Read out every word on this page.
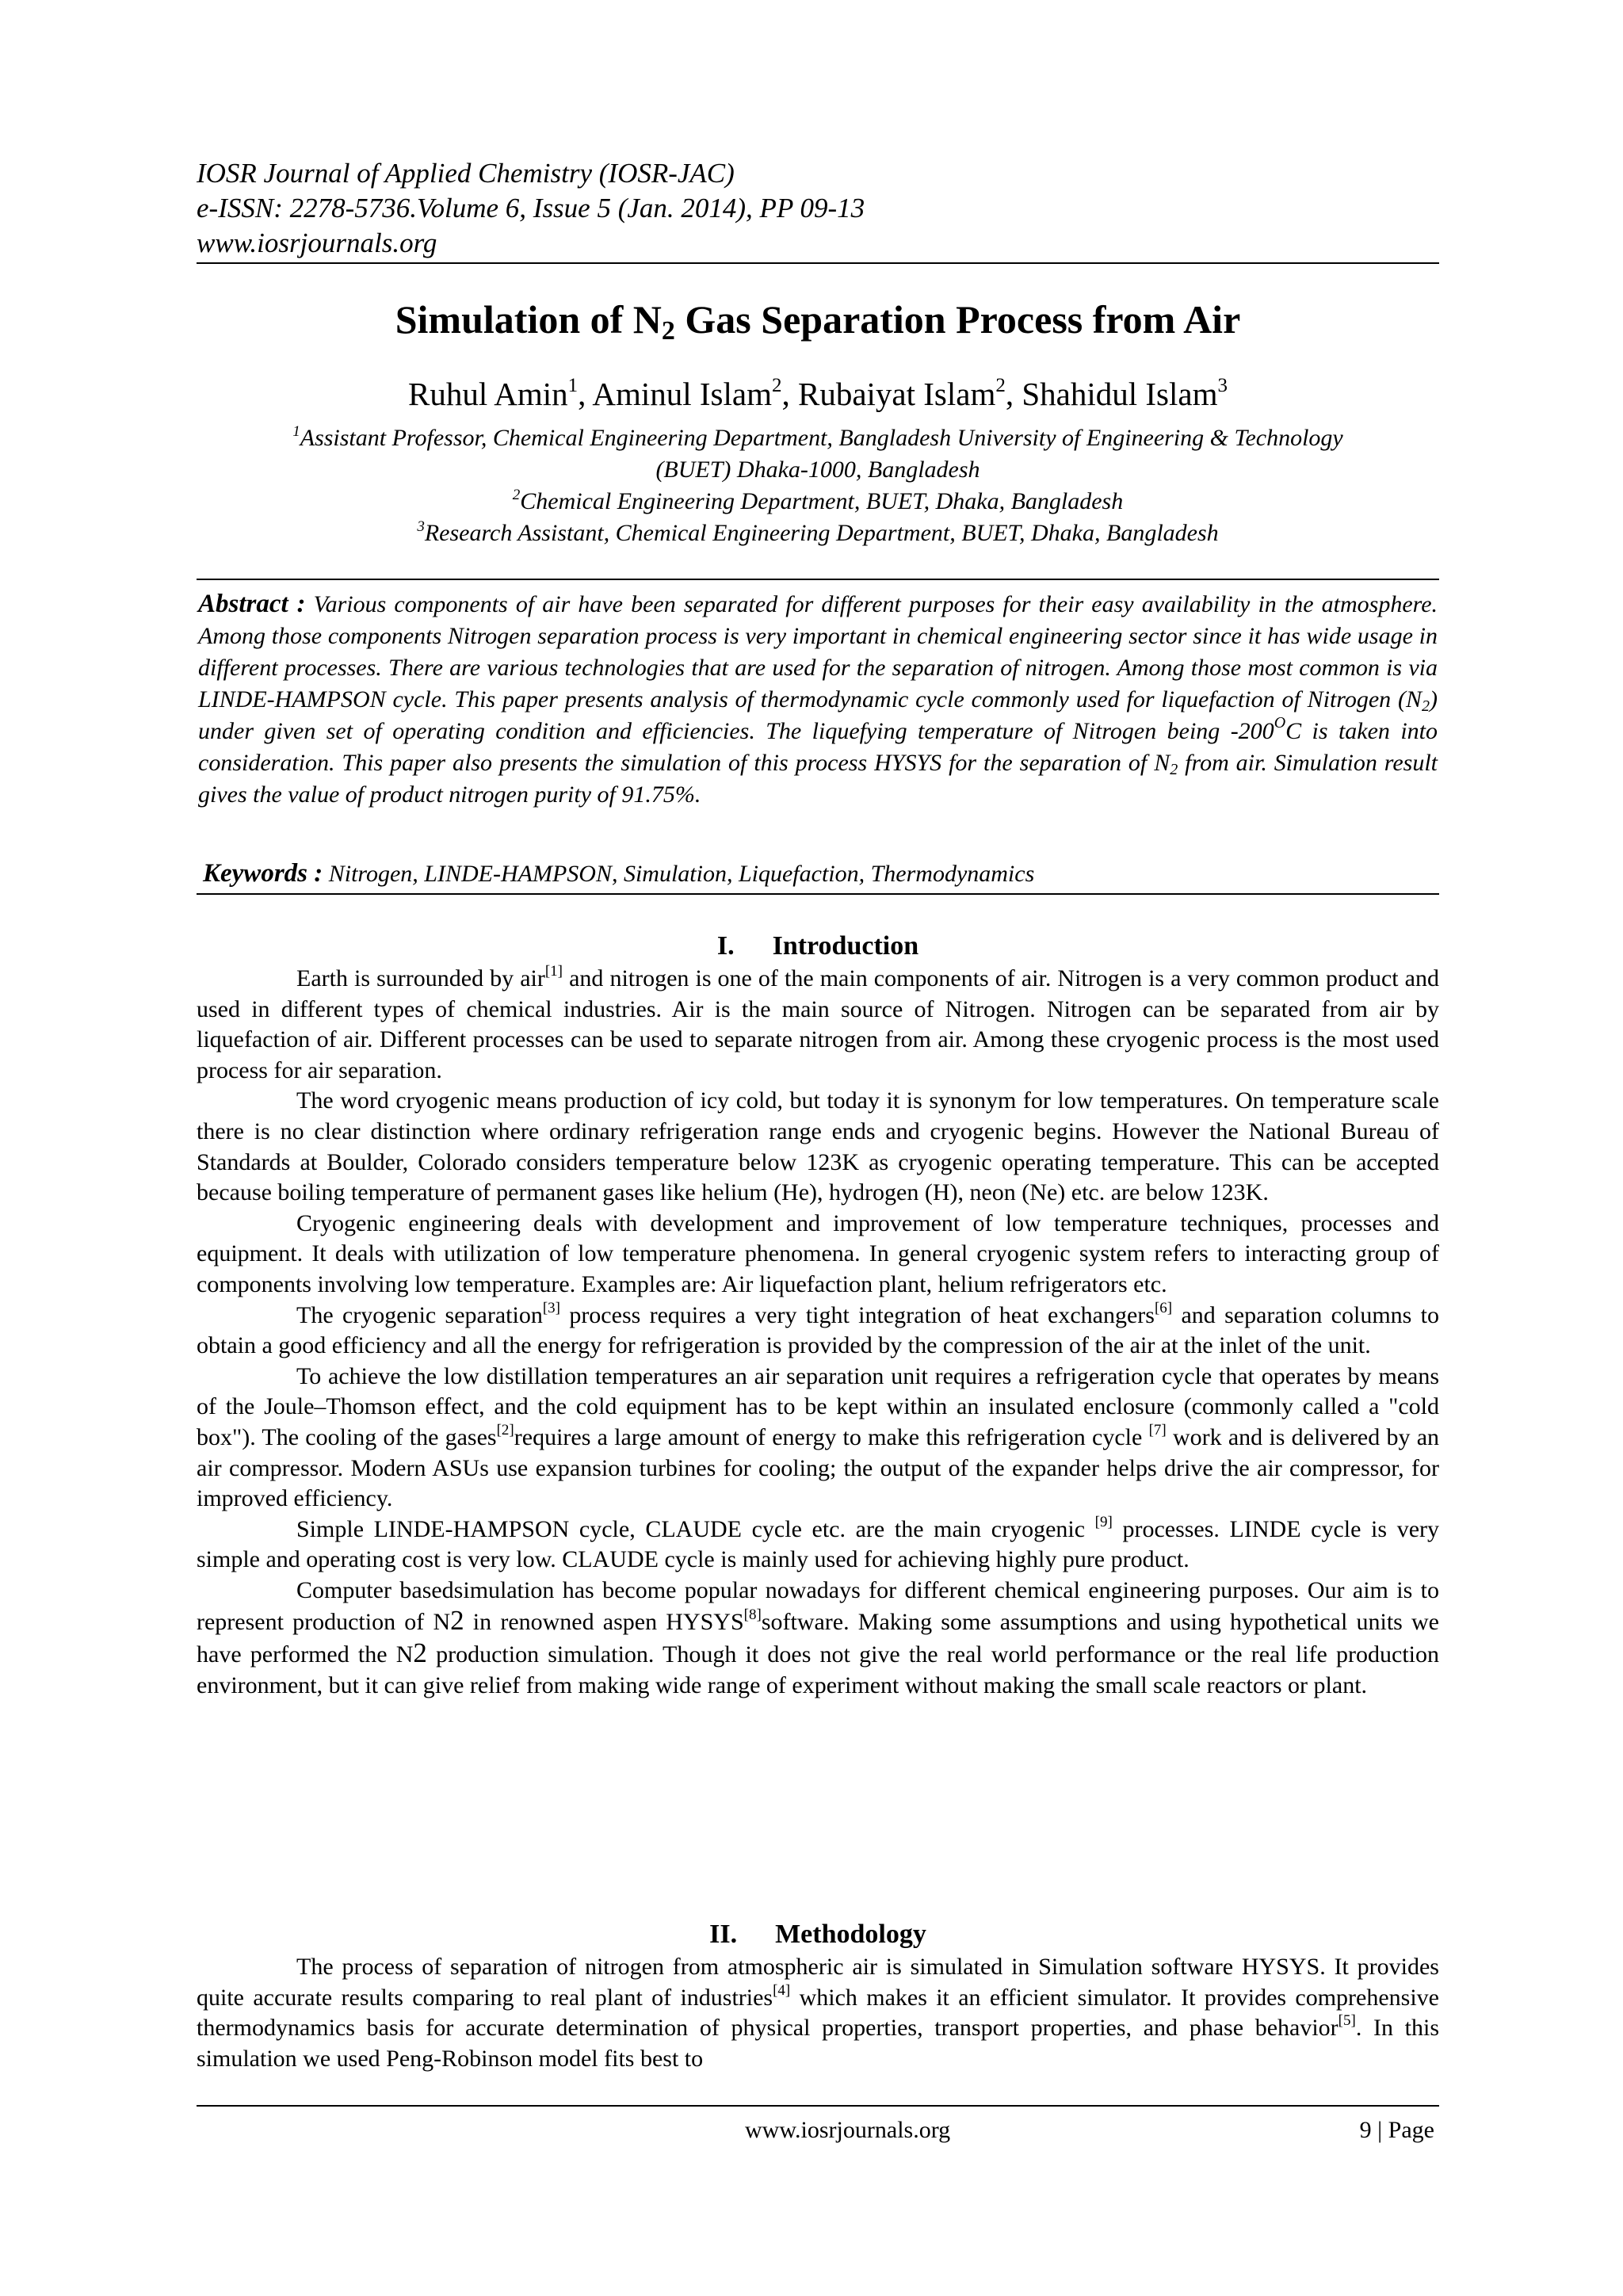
IOSR Journal of Applied Chemistry (IOSR-JAC)
e-ISSN: 2278-5736.Volume 6, Issue 5 (Jan. 2014), PP 09-13
www.iosrjournals.org
Simulation of $N_2$ Gas Separation Process from Air
Ruhul Amin$^1$, Aminul Islam$^2$, Rubaiyat Islam$^2$, Shahidul Islam$^3$
$^1$Assistant Professor, Chemical Engineering Department, Bangladesh University of Engineering & Technology
(BUET) Dhaka-1000, Bangladesh
$^2$Chemical Engineering Department, BUET, Dhaka, Bangladesh
$^3$Research Assistant, Chemical Engineering Department, BUET, Dhaka, Bangladesh
Abstract : Various components of air have been separated for different purposes for their easy availability in the atmosphere. Among those components Nitrogen separation process is very important in chemical engineering sector since it has wide usage in different processes. There are various technologies that are used for the separation of nitrogen. Among those most common is via LINDE-HAMPSON cycle. This paper presents analysis of thermodynamic cycle commonly used for liquefaction of Nitrogen $(N_2)$ under given set of operating condition and efficiencies. The liquefying temperature of Nitrogen being $-200^OC$ is taken into consideration. This paper also presents the simulation of this process HYSYS for the separation of $N_2$ from air. Simulation result gives the value of product nitrogen purity of 91.75%.
Keywords : Nitrogen, LINDE-HAMPSON, Simulation, Liquefaction, Thermodynamics
I. Introduction

Earth is surrounded by air[1] and nitrogen is one of the main components of air. Nitrogen is a very common product and used in different types of chemical industries. Air is the main source of Nitrogen. Nitrogen can be separated from air by liquefaction of air. Different processes can be used to separate nitrogen from air. Among these cryogenic process is the most used process for air separation.

The word cryogenic means production of icy cold, but today it is synonym for low temperatures. On temperature scale there is no clear distinction where ordinary refrigeration range ends and cryogenic begins. However the National Bureau of Standards at Boulder, Colorado considers temperature below 123K as cryogenic operating temperature. This can be accepted because boiling temperature of permanent gases like helium (He), hydrogen (H), neon (Ne) etc. are below 123K.

Cryogenic engineering deals with development and improvement of low temperature techniques, processes and equipment. It deals with utilization of low temperature phenomena. In general cryogenic system refers to interacting group of components involving low temperature. Examples are: Air liquefaction plant, helium refrigerators etc.

The cryogenic separation[3] process requires a very tight integration of heat exchangers[6] and separation columns to obtain a good efficiency and all the energy for refrigeration is provided by the compression of the air at the inlet of the unit.

To achieve the low distillation temperatures an air separation unit requires a refrigeration cycle that operates by means of the Joule–Thomson effect, and the cold equipment has to be kept within an insulated enclosure (commonly called a "cold box"). The cooling of the gases[2]requires a large amount of energy to make this refrigeration cycle [7] work and is delivered by an air compressor. Modern ASUs use expansion turbines for cooling; the output of the expander helps drive the air compressor, for improved efficiency.

Simple LINDE-HAMPSON cycle, CLAUDE cycle etc. are the main cryogenic [9] processes. LINDE cycle is very simple and operating cost is very low. CLAUDE cycle is mainly used for achieving highly pure product.

Computer basedsimulation has become popular nowadays for different chemical engineering purposes. Our aim is to represent production of N2 in renowned aspen HYSYS[8]software. Making some assumptions and using hypothetical units we have performed the N2 production simulation. Though it does not give the real world performance or the real life production environment, but it can give relief from making wide range of experiment without making the small scale reactors or plant.

II. Methodology

The process of separation of nitrogen from atmospheric air is simulated in Simulation software HYSYS. It provides quite accurate results comparing to real plant of industries[4] which makes it an efficient simulator. It provides comprehensive thermodynamics basis for accurate determination of physical properties, transport properties, and phase behavior[5]. In this simulation we used Peng-Robinson model fits best to

www.iosrjournals.org	9 | Page
